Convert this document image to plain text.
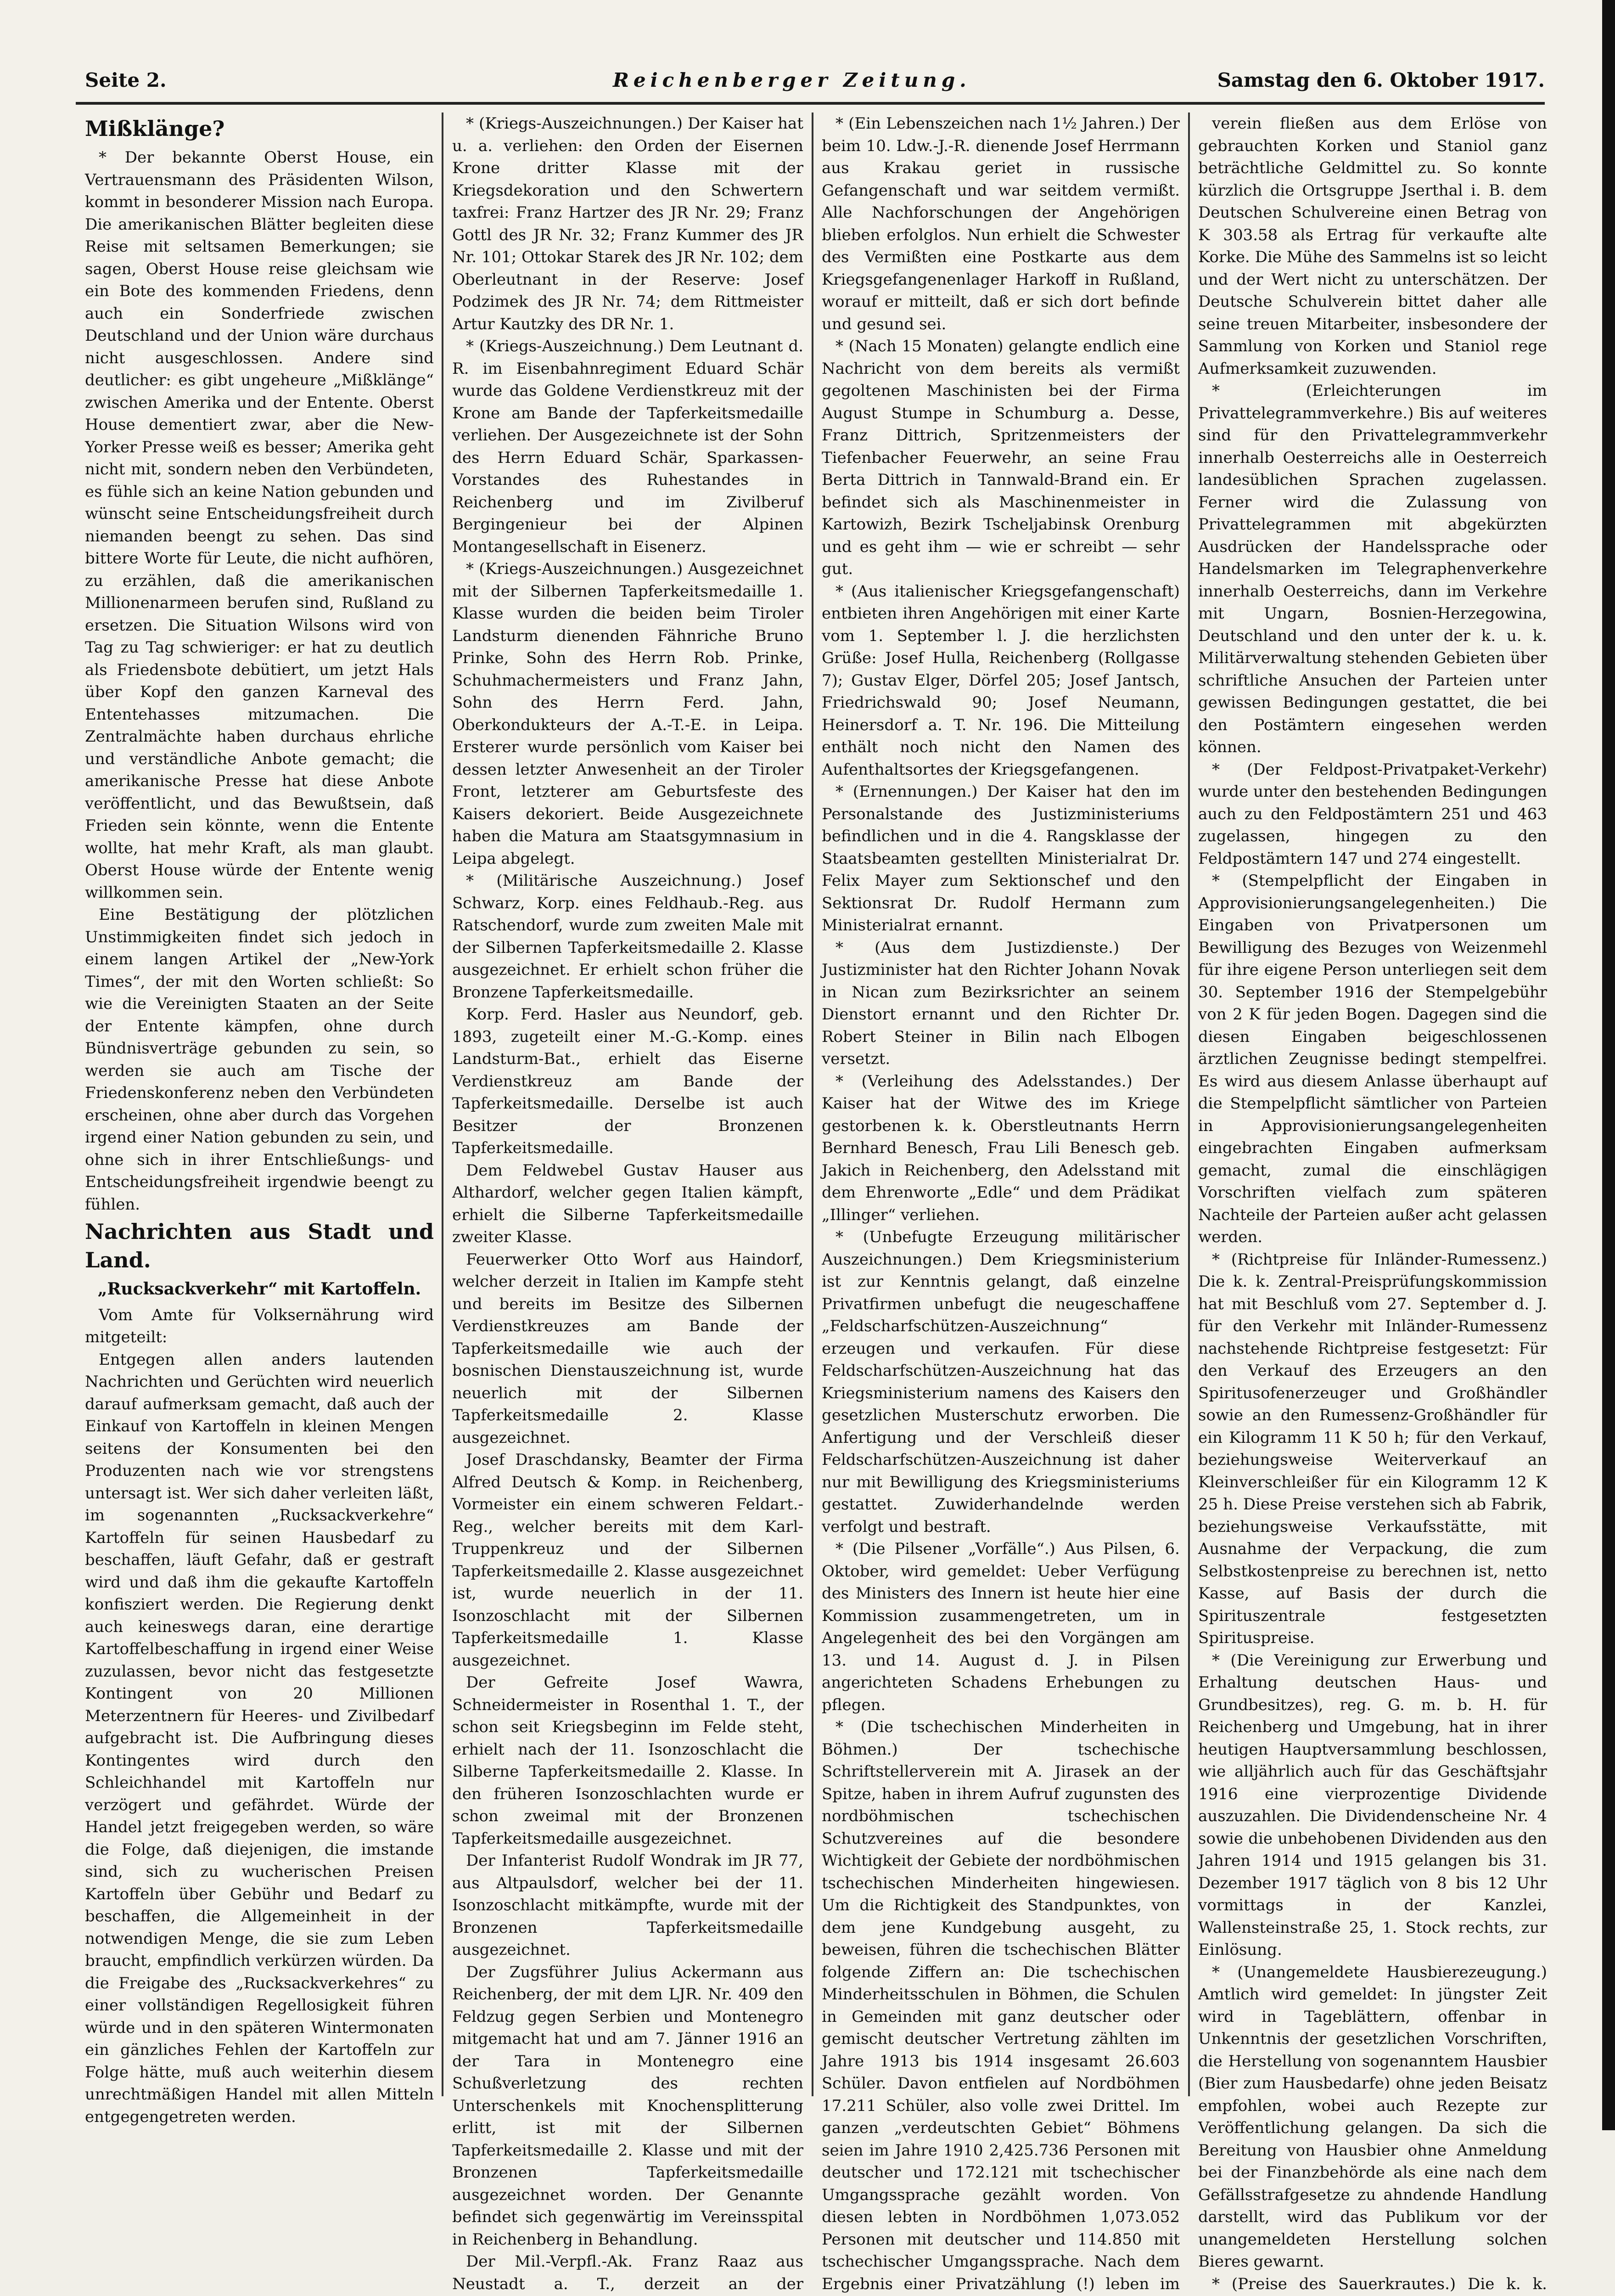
Seite 2.	Reichenberger Zeitung.	Samstag den 6. Oktober 1917.

Mißklänge?

* Der bekannte Oberst House, ein Vertrauensmann des Präsidenten Wilson, kommt in besonderer Mission nach Europa. Die amerikanischen Blätter begleiten diese Reise mit seltsamen Bemerkungen; sie sagen, Oberst House reise gleichsam wie ein Bote des kommenden Friedens, denn auch ein Sonderfriede zwischen Deutschland und der Union wäre durchaus nicht ausgeschlossen. Andere sind deutlicher: es gibt ungeheure „Mißklänge“ zwischen Amerika und der Entente. Oberst House dementiert zwar, aber die New-Yorker Presse weiß es besser; Amerika geht nicht mit, sondern neben den Verbündeten, es fühle sich an keine Nation gebunden und wünscht seine Entscheidungsfreiheit durch niemanden beengt zu sehen. Das sind bittere Worte für Leute, die nicht aufhören, zu erzählen, daß die amerikanischen Millionenarmeen berufen sind, Rußland zu ersetzen. Die Situation Wilsons wird von Tag zu Tag schwieriger: er hat zu deutlich als Friedensbote debütiert, um jetzt Hals über Kopf den ganzen Karneval des Ententehasses mitzumachen. Die Zentralmächte haben durchaus ehrliche und verständliche Anbote gemacht; die amerikanische Presse hat diese Anbote veröffentlicht, und das Bewußtsein, daß Frieden sein könnte, wenn die Entente wollte, hat mehr Kraft, als man glaubt. Oberst House würde der Entente wenig willkommen sein.

Eine Bestätigung der plötzlichen Unstimmigkeiten findet sich jedoch in einem langen Artikel der „New-York Times“, der mit den Worten schließt: So wie die Vereinigten Staaten an der Seite der Entente kämpfen, ohne durch Bündnisverträge gebunden zu sein, so werden sie auch am Tische der Friedenskonferenz neben den Verbündeten erscheinen, ohne aber durch das Vorgehen irgend einer Nation gebunden zu sein, und ohne sich in ihrer Entschließungs- und Entscheidungsfreiheit irgendwie beengt zu fühlen.

Nachrichten aus Stadt und Land.

„Rucksackverkehr“ mit Kartoffeln.

Vom Amte für Volksernährung wird mitgeteilt:

Entgegen allen anders lautenden Nachrichten und Gerüchten wird neuerlich darauf aufmerksam gemacht, daß auch der Einkauf von Kartoffeln in kleinen Mengen seitens der Konsumenten bei den Produzenten nach wie vor strengstens untersagt ist. Wer sich daher verleiten läßt, im sogenannten „Rucksackverkehre“ Kartoffeln für seinen Hausbedarf zu beschaffen, läuft Gefahr, daß er gestraft wird und daß ihm die gekaufte Kartoffeln konfisziert werden. Die Regierung denkt auch keineswegs daran, eine derartige Kartoffelbeschaffung in irgend einer Weise zuzulassen, bevor nicht das festgesetzte Kontingent von 20 Millionen Meterzentnern für Heeres- und Zivilbedarf aufgebracht ist. Die Aufbringung dieses Kontingentes wird durch den Schleichhandel mit Kartoffeln nur verzögert und gefährdet. Würde der Handel jetzt freigegeben werden, so wäre die Folge, daß diejenigen, die imstande sind, sich zu wucherischen Preisen Kartoffeln über Gebühr und Bedarf zu beschaffen, die Allgemeinheit in der notwendigen Menge, die sie zum Leben braucht, empfindlich verkürzen würden. Da die Freigabe des „Rucksackverkehres“ zu einer vollständigen Regellosigkeit führen würde und in den späteren Wintermonaten ein gänzliches Fehlen der Kartoffeln zur Folge hätte, muß auch weiterhin diesem unrechtmäßigen Handel mit allen Mitteln entgegengetreten werden.

* (Kriegs-Auszeichnungen.) Der Kaiser hat u. a. verliehen: den Orden der Eisernen Krone dritter Klasse mit der Kriegsdekoration und den Schwertern taxfrei: Franz Hartzer des JR Nr. 29; Franz Gottl des JR Nr. 32; Franz Kummer des JR Nr. 101; Ottokar Starek des JR Nr. 102; dem Oberleutnant in der Reserve: Josef Podzimek des JR Nr. 74; dem Rittmeister Artur Kautzky des DR Nr. 1.

* (Kriegs-Auszeichnung.) Dem Leutnant d. R. im Eisenbahnregiment Eduard Schär wurde das Goldene Verdienstkreuz mit der Krone am Bande der Tapferkeitsmedaille verliehen. Der Ausgezeichnete ist der Sohn des Herrn Eduard Schär, Sparkassen-Vorstandes des Ruhestandes in Reichenberg und im Zivilberuf Bergingenieur bei der Alpinen Montangesellschaft in Eisenerz.

* (Kriegs-Auszeichnungen.) Ausgezeichnet mit der Silbernen Tapferkeitsmedaille 1. Klasse wurden die beiden beim Tiroler Landsturm dienenden Fähnriche Bruno Prinke, Sohn des Herrn Rob. Prinke, Schuhmachermeisters und Franz Jahn, Sohn des Herrn Ferd. Jahn, Oberkondukteurs der A.-T.-E. in Leipa. Ersterer wurde persönlich vom Kaiser bei dessen letzter Anwesenheit an der Tiroler Front, letzterer am Geburtsfeste des Kaisers dekoriert. Beide Ausgezeichnete haben die Matura am Staatsgymnasium in Leipa abgelegt.

* (Militärische Auszeichnung.) Josef Schwarz, Korp. eines Feldhaub.-Reg. aus Ratschendorf, wurde zum zweiten Male mit der Silbernen Tapferkeitsmedaille 2. Klasse ausgezeichnet. Er erhielt schon früher die Bronzene Tapferkeitsmedaille.

Korp. Ferd. Hasler aus Neundorf, geb. 1893, zugeteilt einer M.-G.-Komp. eines Landsturm-Bat., erhielt das Eiserne Verdienstkreuz am Bande der Tapferkeitsmedaille. Derselbe ist auch Besitzer der Bronzenen Tapferkeitsmedaille.

Dem Feldwebel Gustav Hauser aus Althardorf, welcher gegen Italien kämpft, erhielt die Silberne Tapferkeitsmedaille zweiter Klasse.

Feuerwerker Otto Worf aus Haindorf, welcher derzeit in Italien im Kampfe steht und bereits im Besitze des Silbernen Verdienstkreuzes am Bande der Tapferkeitsmedaille wie auch der bosnischen Dienstauszeichnung ist, wurde neuerlich mit der Silbernen Tapferkeitsmedaille 2. Klasse ausgezeichnet.

Josef Draschdansky, Beamter der Firma Alfred Deutsch & Komp. in Reichenberg, Vormeister ein einem schweren Feldart.-Reg., welcher bereits mit dem Karl-Truppenkreuz und der Silbernen Tapferkeitsmedaille 2. Klasse ausgezeichnet ist, wurde neuerlich in der 11. Isonzoschlacht mit der Silbernen Tapferkeitsmedaille 1. Klasse ausgezeichnet.

Der Gefreite Josef Wawra, Schneidermeister in Rosenthal 1. T., der schon seit Kriegsbeginn im Felde steht, erhielt nach der 11. Isonzoschlacht die Silberne Tapferkeitsmedaille 2. Klasse. In den früheren Isonzoschlachten wurde er schon zweimal mit der Bronzenen Tapferkeitsmedaille ausgezeichnet.

Der Infanterist Rudolf Wondrak im JR 77, aus Altpaulsdorf, welcher bei der 11. Isonzoschlacht mitkämpfte, wurde mit der Bronzenen Tapferkeitsmedaille ausgezeichnet.

Der Zugsführer Julius Ackermann aus Reichenberg, der mit dem LJR. Nr. 409 den Feldzug gegen Serbien und Montenegro mitgemacht hat und am 7. Jänner 1916 an der Tara in Montenegro eine Schußverletzung des rechten Unterschenkels mit Knochensplitterung erlitt, ist mit der Silbernen Tapferkeitsmedaille 2. Klasse und mit der Bronzenen Tapferkeitsmedaille ausgezeichnet worden. Der Genannte befindet sich gegenwärtig im Vereinsspital in Reichenberg in Behandlung.

Der Mil.-Verpfl.-Ak. Franz Raaz aus Neustadt a. T., derzeit an der

* (Ein Lebenszeichen nach 1½ Jahren.) Der beim 10. Ldw.-J.-R. dienende Josef Herrmann aus Krakau geriet in russische Gefangenschaft und war seitdem vermißt. Alle Nachforschungen der Angehörigen blieben erfolglos. Nun erhielt die Schwester des Vermißten eine Postkarte aus dem Kriegsgefangenenlager Harkoff in Rußland, worauf er mitteilt, daß er sich dort befinde und gesund sei.

* (Nach 15 Monaten) gelangte endlich eine Nachricht von dem bereits als vermißt gegoltenen Maschinisten bei der Firma August Stumpe in Schumburg a. Desse, Franz Dittrich, Spritzenmeisters der Tiefenbacher Feuerwehr, an seine Frau Berta Dittrich in Tannwald-Brand ein. Er befindet sich als Maschinenmeister in Kartowizh, Bezirk Tscheljabinsk Orenburg und es geht ihm — wie er schreibt — sehr gut.

* (Aus italienischer Kriegsgefangenschaft) entbieten ihren Angehörigen mit einer Karte vom 1. September l. J. die herzlichsten Grüße: Josef Hulla, Reichenberg (Rollgasse 7); Gustav Elger, Dörfel 205; Josef Jantsch, Friedrichswald 90; Josef Neumann, Heinersdorf a. T. Nr. 196. Die Mitteilung enthält noch nicht den Namen des Aufenthaltsortes der Kriegsgefangenen.

* (Ernennungen.) Der Kaiser hat den im Personalstande des Justizministeriums befindlichen und in die 4. Rangsklasse der Staatsbeamten gestellten Ministerialrat Dr. Felix Mayer zum Sektionschef und den Sektionsrat Dr. Rudolf Hermann zum Ministerialrat ernannt.

* (Aus dem Justizdienste.) Der Justizminister hat den Richter Johann Novak in Nican zum Bezirksrichter an seinem Dienstort ernannt und den Richter Dr. Robert Steiner in Bilin nach Elbogen versetzt.

* (Verleihung des Adelsstandes.) Der Kaiser hat der Witwe des im Kriege gestorbenen k. k. Oberstleutnants Herrn Bernhard Benesch, Frau Lili Benesch geb. Jakich in Reichenberg, den Adelsstand mit dem Ehrenworte „Edle“ und dem Prädikat „Illinger“ verliehen.

* (Unbefugte Erzeugung militärischer Auszeichnungen.) Dem Kriegsministerium ist zur Kenntnis gelangt, daß einzelne Privatfirmen unbefugt die neugeschaffene „Feldscharfschützen-Auszeichnung“ erzeugen und verkaufen. Für diese Feldscharfschützen-Auszeichnung hat das Kriegsministerium namens des Kaisers den gesetzlichen Musterschutz erworben. Die Anfertigung und der Verschleiß dieser Feldscharfschützen-Auszeichnung ist daher nur mit Bewilligung des Kriegsministeriums gestattet. Zuwiderhandelnde werden verfolgt und bestraft.

* (Die Pilsener „Vorfälle“.) Aus Pilsen, 6. Oktober, wird gemeldet: Ueber Verfügung des Ministers des Innern ist heute hier eine Kommission zusammengetreten, um in Angelegenheit des bei den Vorgängen am 13. und 14. August d. J. in Pilsen angerichteten Schadens Erhebungen zu pflegen.

* (Die tschechischen Minderheiten in Böhmen.) Der tschechische Schriftstellerverein mit A. Jirasek an der Spitze, haben in ihrem Aufruf zugunsten des nordböhmischen tschechischen Schutzvereines auf die besondere Wichtigkeit der Gebiete der nordböhmischen tschechischen Minderheiten hingewiesen. Um die Richtigkeit des Standpunktes, von dem jene Kundgebung ausgeht, zu beweisen, führen die tschechischen Blätter folgende Ziffern an: Die tschechischen Minderheitsschulen in Böhmen, die Schulen in Gemeinden mit ganz deutscher oder gemischt deutscher Vertretung zählten im Jahre 1913 bis 1914 insgesamt 26.603 Schüler. Davon entfielen auf Nordböhmen 17.211 Schüler, also volle zwei Drittel. Im ganzen „verdeutschten Gebiet“ Böhmens seien im Jahre 1910 2,425.736 Personen mit deutscher und 172.121 mit tschechischer Umgangssprache gezählt worden. Von diesen lebten in Nordböhmen 1,073.052 Personen mit deutscher und 114.850 mit tschechischer Umgangssprache. Nach dem Ergebnis einer Privatzählung (!) leben im

verein fließen aus dem Erlöse von gebrauchten Korken und Staniol ganz beträchtliche Geldmittel zu. So konnte kürzlich die Ortsgruppe Jserthal i. B. dem Deutschen Schulvereine einen Betrag von K 303.58 als Ertrag für verkaufte alte Korke. Die Mühe des Sammelns ist so leicht und der Wert nicht zu unterschätzen. Der Deutsche Schulverein bittet daher alle seine treuen Mitarbeiter, insbesondere der Sammlung von Korken und Staniol rege Aufmerksamkeit zuzuwenden.

* (Erleichterungen im Privattelegrammverkehre.) Bis auf weiteres sind für den Privattelegrammverkehr innerhalb Oesterreichs alle in Oesterreich landesüblichen Sprachen zugelassen. Ferner wird die Zulassung von Privattelegrammen mit abgekürzten Ausdrücken der Handelssprache oder Handelsmarken im Telegraphenverkehre innerhalb Oesterreichs, dann im Verkehre mit Ungarn, Bosnien-Herzegowina, Deutschland und den unter der k. u. k. Militärverwaltung stehenden Gebieten über schriftliche Ansuchen der Parteien unter gewissen Bedingungen gestattet, die bei den Postämtern eingesehen werden können.

* (Der Feldpost-Privatpaket-Verkehr) wurde unter den bestehenden Bedingungen auch zu den Feldpostämtern 251 und 463 zugelassen, hingegen zu den Feldpostämtern 147 und 274 eingestellt.

* (Stempelpflicht der Eingaben in Approvisionierungsangelegenheiten.) Die Eingaben von Privatpersonen um Bewilligung des Bezuges von Weizenmehl für ihre eigene Person unterliegen seit dem 30. September 1916 der Stempelgebühr von 2 K für jeden Bogen. Dagegen sind die diesen Eingaben beigeschlossenen ärztlichen Zeugnisse bedingt stempelfrei. Es wird aus diesem Anlasse überhaupt auf die Stempelpflicht sämtlicher von Parteien in Approvisionierungsangelegenheiten eingebrachten Eingaben aufmerksam gemacht, zumal die einschlägigen Vorschriften vielfach zum späteren Nachteile der Parteien außer acht gelassen werden.

* (Richtpreise für Inländer-Rumessenz.) Die k. k. Zentral-Preisprüfungskommission hat mit Beschluß vom 27. September d. J. für den Verkehr mit Inländer-Rumessenz nachstehende Richtpreise festgesetzt: Für den Verkauf des Erzeugers an den Spiritusofenerzeuger und Großhändler sowie an den Rumessenz-Großhändler für ein Kilogramm 11 K 50 h; für den Verkauf, beziehungsweise Weiterverkauf an Kleinverschleißer für ein Kilogramm 12 K 25 h. Diese Preise verstehen sich ab Fabrik, beziehungsweise Verkaufsstätte, mit Ausnahme der Verpackung, die zum Selbstkostenpreise zu berechnen ist, netto Kasse, auf Basis der durch die Spirituszentrale festgesetzten Spirituspreise.

* (Die Vereinigung zur Erwerbung und Erhaltung deutschen Haus- und Grundbesitzes), reg. G. m. b. H. für Reichenberg und Umgebung, hat in ihrer heutigen Hauptversammlung beschlossen, wie alljährlich auch für das Geschäftsjahr 1916 eine vierprozentige Dividende auszuzahlen. Die Dividendenscheine Nr. 4 sowie die unbehobenen Dividenden aus den Jahren 1914 und 1915 gelangen bis 31. Dezember 1917 täglich von 8 bis 12 Uhr vormittags in der Kanzlei, Wallensteinstraße 25, 1. Stock rechts, zur Einlösung.

* (Unangemeldete Hausbierezeugung.) Amtlich wird gemeldet: In jüngster Zeit wird in Tageblättern, offenbar in Unkenntnis der gesetzlichen Vorschriften, die Herstellung von sogenanntem Hausbier (Bier zum Hausbedarfe) ohne jeden Beisatz empfohlen, wobei auch Rezepte zur Veröffentlichung gelangen. Da sich die Bereitung von Hausbier ohne Anmeldung bei der Finanzbehörde als eine nach dem Gefällsstrafgesetze zu ahndende Handlung darstellt, wird das Publikum vor der unangemeldeten Herstellung solchen Bieres gewarnt.

* (Preise des Sauerkrautes.) Die k. k.
